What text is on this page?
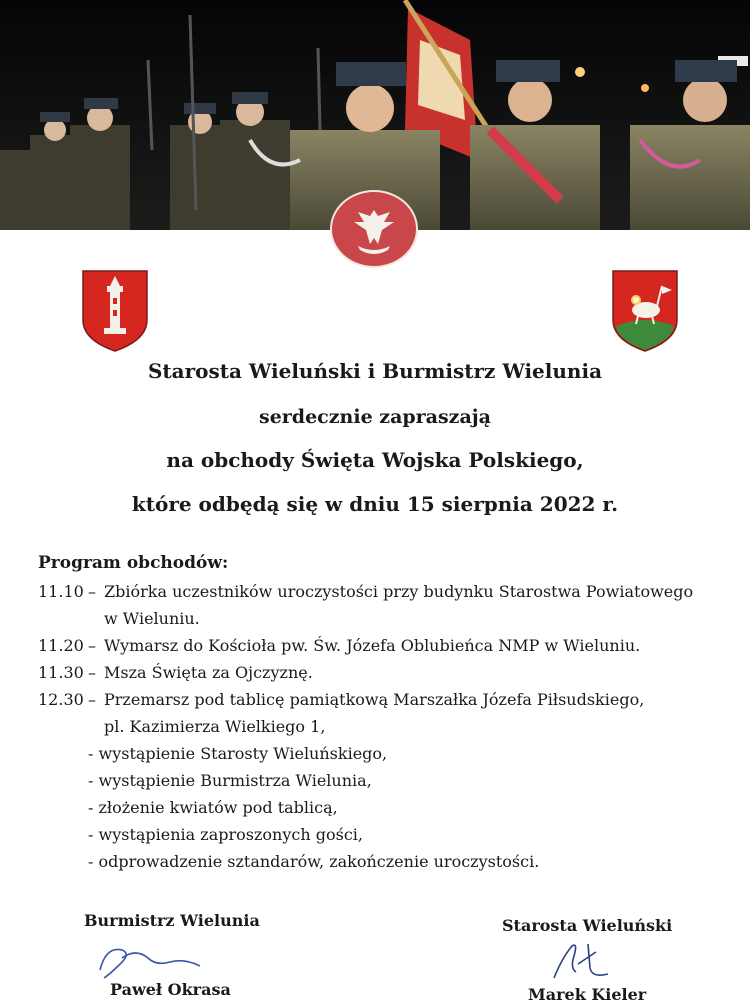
Starosta Wieluński i Burmistrz Wielunia
serdecznie zapraszają
na obchody Święta Wojska Polskiego,
które odbędą się w dniu 15 sierpnia 2022 r.
Program obchodów:
11.10 – Zbiórka uczestników uroczystości przy budynku Starostwa Powiatowego
w Wieluniu.
11.20 – Wymarsz do Kościoła pw. Św. Józefa Oblubieńca NMP w Wieluniu.
11.30 – Msza Święta za Ojczyznę.
12.30 – Przemarsz pod tablicę pamiątkową Marszałka Józefa Piłsudskiego,
pl. Kazimierza Wielkiego 1,
- wystąpienie Starosty Wieluńskiego,
- wystąpienie Burmistrza Wielunia,
- złożenie kwiatów pod tablicą,
- wystąpienia zaproszonych gości,
- odprowadzenie sztandarów, zakończenie uroczystości.
Burmistrz Wielunia
Paweł Okrasa
Starosta Wieluński
Marek Kieler
